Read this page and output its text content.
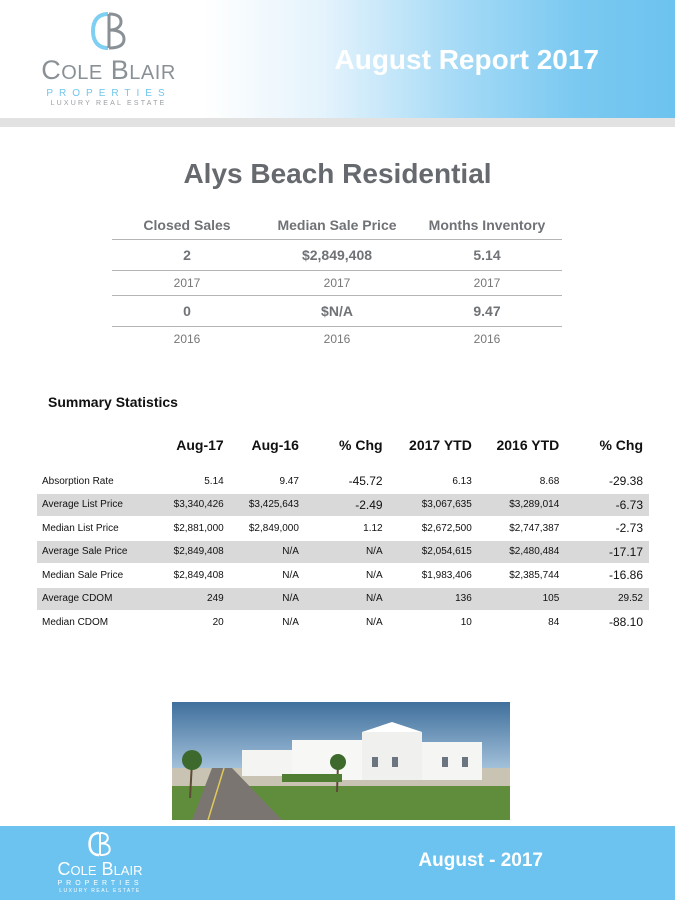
COLE BLAIR
PROPERTIES
LUXURY REAL ESTATE
August Report 2017
Alys Beach Residential
Closed Sales	Median Sale Price	Months Inventory
2	$2,849,408	5.14
2017	2017	2017
0	$N/A	9.47
2016	2016	2016
Summary Statistics
	Aug-17	Aug-16	% Chg	2017 YTD	2016 YTD	% Chg
Absorption Rate	5.14	9.47	-45.72	6.13	8.68	-29.38
Average List Price	$3,340,426	$3,425,643	-2.49	$3,067,635	$3,289,014	-6.73
Median List Price	$2,881,000	$2,849,000	1.12	$2,672,500	$2,747,387	-2.73
Average Sale Price	$2,849,408	N/A	N/A	$2,054,615	$2,480,484	-17.17
Median Sale Price	$2,849,408	N/A	N/A	$1,983,406	$2,385,744	-16.86
Average CDOM	249	N/A	N/A	136	105	29.52
Median CDOM	20	N/A	N/A	10	84	-88.10
COLE BLAIR
PROPERTIES
LUXURY REAL ESTATE
August - 2017
